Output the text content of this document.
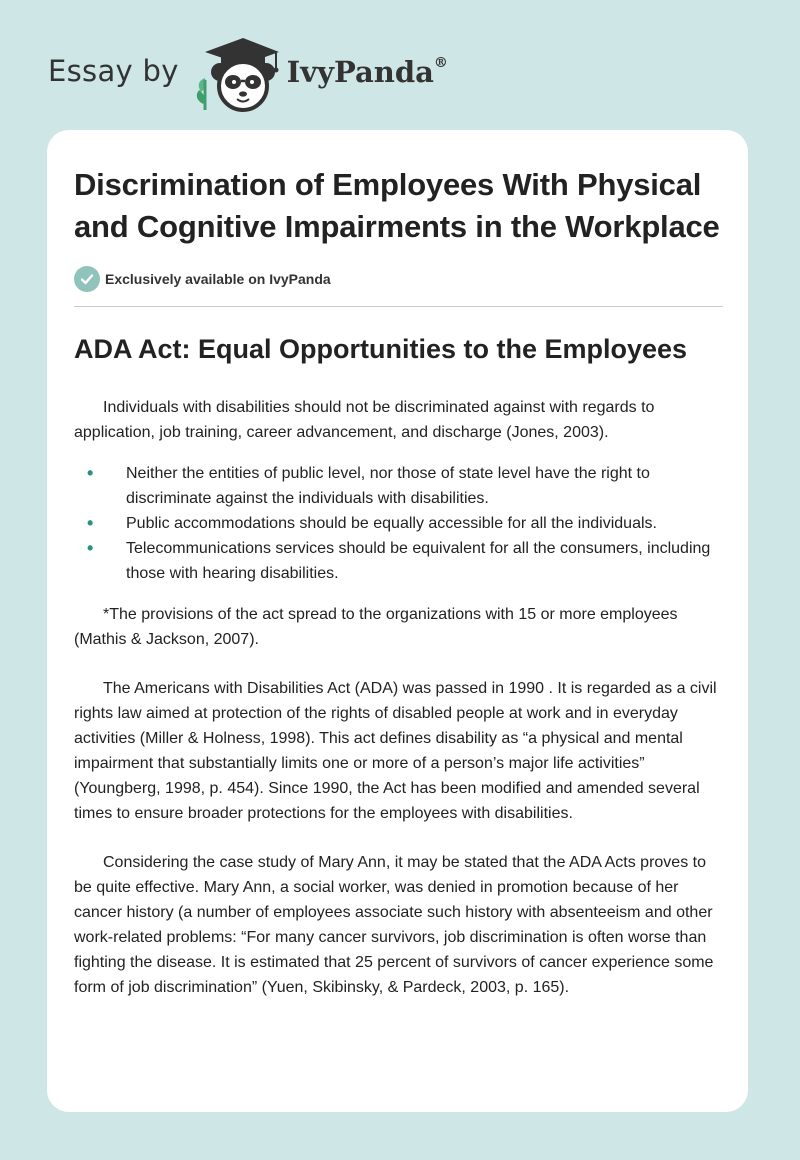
Essay by	IvyPanda®
Discrimination of Employees With Physical and Cognitive Impairments in the Workplace
Exclusively available on IvyPanda
ADA Act: Equal Opportunities to the Employees

Individuals with disabilities should not be discriminated against with regards to application, job training, career advancement, and discharge (Jones, 2003).

• Neither the entities of public level, nor those of state level have the right to discriminate against the individuals with disabilities.
• Public accommodations should be equally accessible for all the individuals.
• Telecommunications services should be equivalent for all the consumers, including those with hearing disabilities.

*The provisions of the act spread to the organizations with 15 or more employees (Mathis & Jackson, 2007).

The Americans with Disabilities Act (ADA) was passed in 1990 . It is regarded as a civil rights law aimed at protection of the rights of disabled people at work and in everyday activities (Miller & Holness, 1998). This act defines disability as “a physical and mental impairment that substantially limits one or more of a person’s major life activities” (Youngberg, 1998, p. 454). Since 1990, the Act has been modified and amended several times to ensure broader protections for the employees with disabilities.

Considering the case study of Mary Ann, it may be stated that the ADA Acts proves to be quite effective. Mary Ann, a social worker, was denied in promotion because of her cancer history (a number of employees associate such history with absenteeism and other work-related problems: “For many cancer survivors, job discrimination is often worse than fighting the disease. It is estimated that 25 percent of survivors of cancer experience some form of job discrimination” (Yuen, Skibinsky, & Pardeck, 2003, p. 165).
